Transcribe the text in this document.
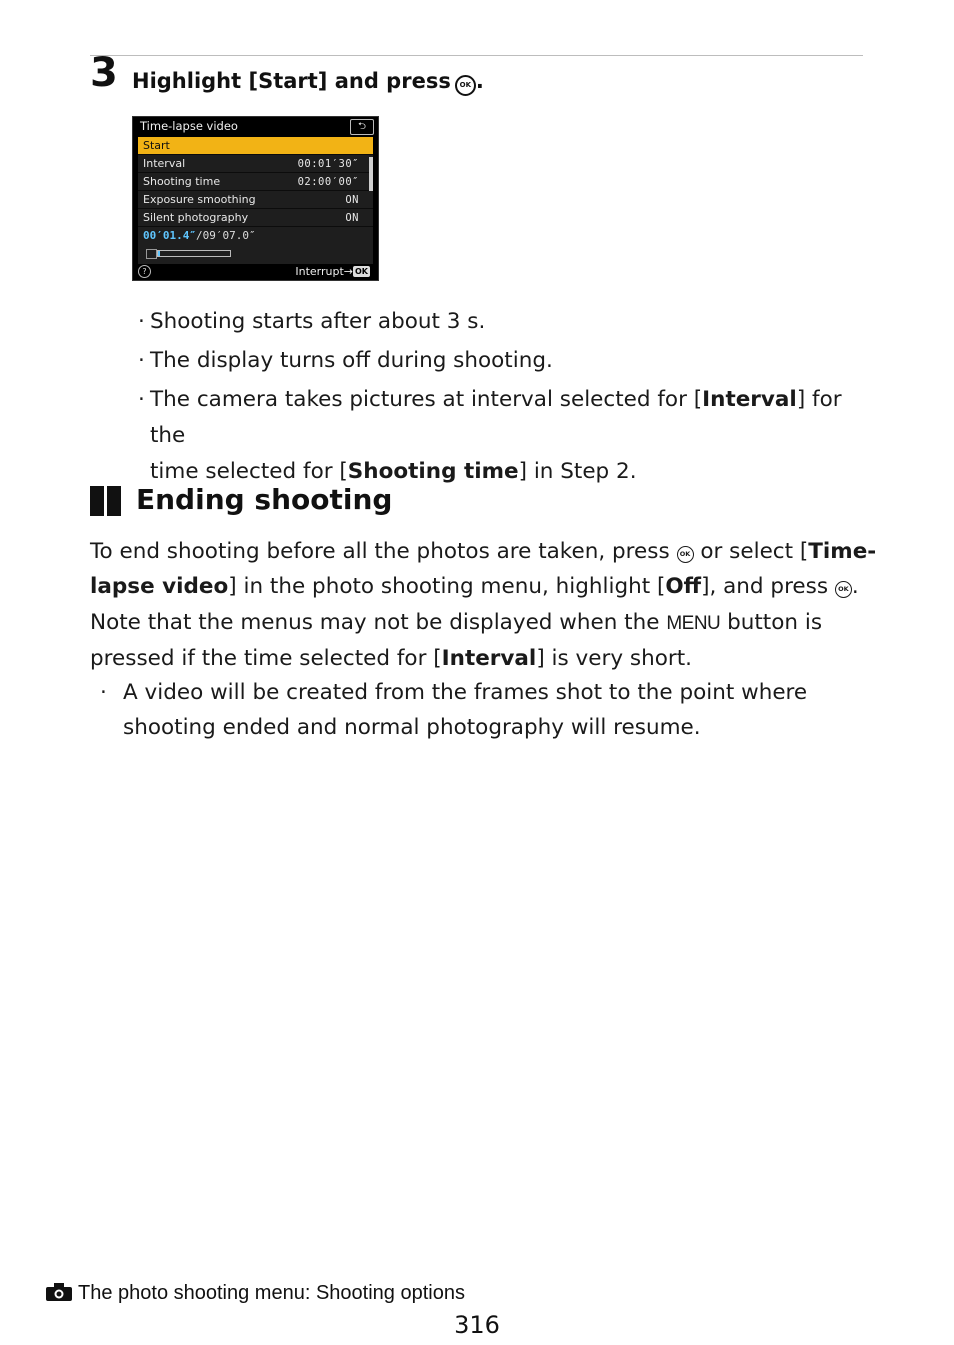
3 Highlight [Start] and press OK .
Time-lapse video	⮌
Start
Interval	00:01′30″
Shooting time	02:00′00″
Exposure smoothing	ON
Silent photography	ON
00′01.4″/09′07.0″
?	Interrupt→ OK
· Shooting starts after about 3 s.
· The display turns off during shooting.
· The camera takes pictures at interval selected for [Interval] for the
time selected for [Shooting time] in Step 2.
Ending shooting
To end shooting before all the photos are taken, press OK or select [Time-
lapse video] in the photo shooting menu, highlight [Off], and press OK .
Note that the menus may not be displayed when the MENU button is
pressed if the time selected for [Interval] is very short.
· A video will be created from the frames shot to the point where
shooting ended and normal photography will resume.
The photo shooting menu: Shooting options
316
